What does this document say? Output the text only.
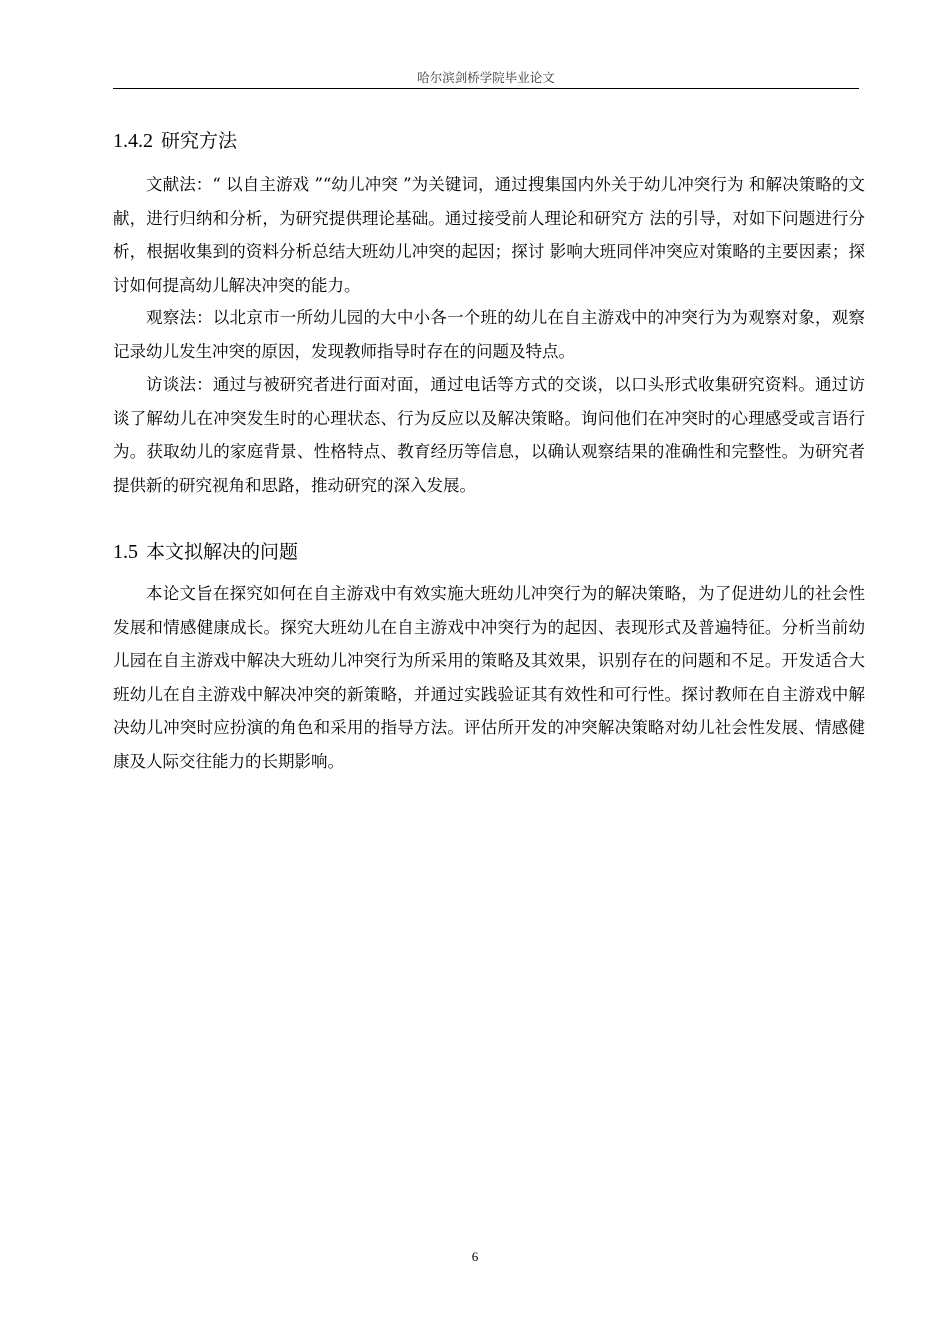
哈尔滨剑桥学院毕业论文
1.4.2 研究方法

文献法：“ 以自主游戏 ”“幼儿冲突 ”为关键词，通过搜集国内外关于幼儿冲突行为 和解决策略的文献，进行归纳和分析，为研究提供理论基础。通过接受前人理论和研究方 法的引导，对如下问题进行分析，根据收集到的资料分析总结大班幼儿冲突的起因；探讨 影响大班同伴冲突应对策略的主要因素；探讨如何提高幼儿解决冲突的能力。

观察法：以北京市一所幼儿园的大中小各一个班的幼儿在自主游戏中的冲突行为为观察对象，观察记录幼儿发生冲突的原因，发现教师指导时存在的问题及特点。

访谈法：通过与被研究者进行面对面，通过电话等方式的交谈，以口头形式收集研究资料。通过访谈了解幼儿在冲突发生时的心理状态、行为反应以及解决策略。询问他们在冲突时的心理感受或言语行为。获取幼儿的家庭背景、性格特点、教育经历等信息，以确认观察结果的准确性和完整性。为研究者提供新的研究视角和思路，推动研究的深入发展。

1.5 本文拟解决的问题

本论文旨在探究如何在自主游戏中有效实施大班幼儿冲突行为的解决策略，为了促进幼儿的社会性发展和情感健康成长。探究大班幼儿在自主游戏中冲突行为的起因、表现形式及普遍特征。分析当前幼儿园在自主游戏中解决大班幼儿冲突行为所采用的策略及其效果，识别存在的问题和不足。开发适合大班幼儿在自主游戏中解决冲突的新策略，并通过实践验证其有效性和可行性。探讨教师在自主游戏中解决幼儿冲突时应扮演的角色和采用的指导方法。评估所开发的冲突解决策略对幼儿社会性发展、情感健康及人际交往能力的长期影响。

6
